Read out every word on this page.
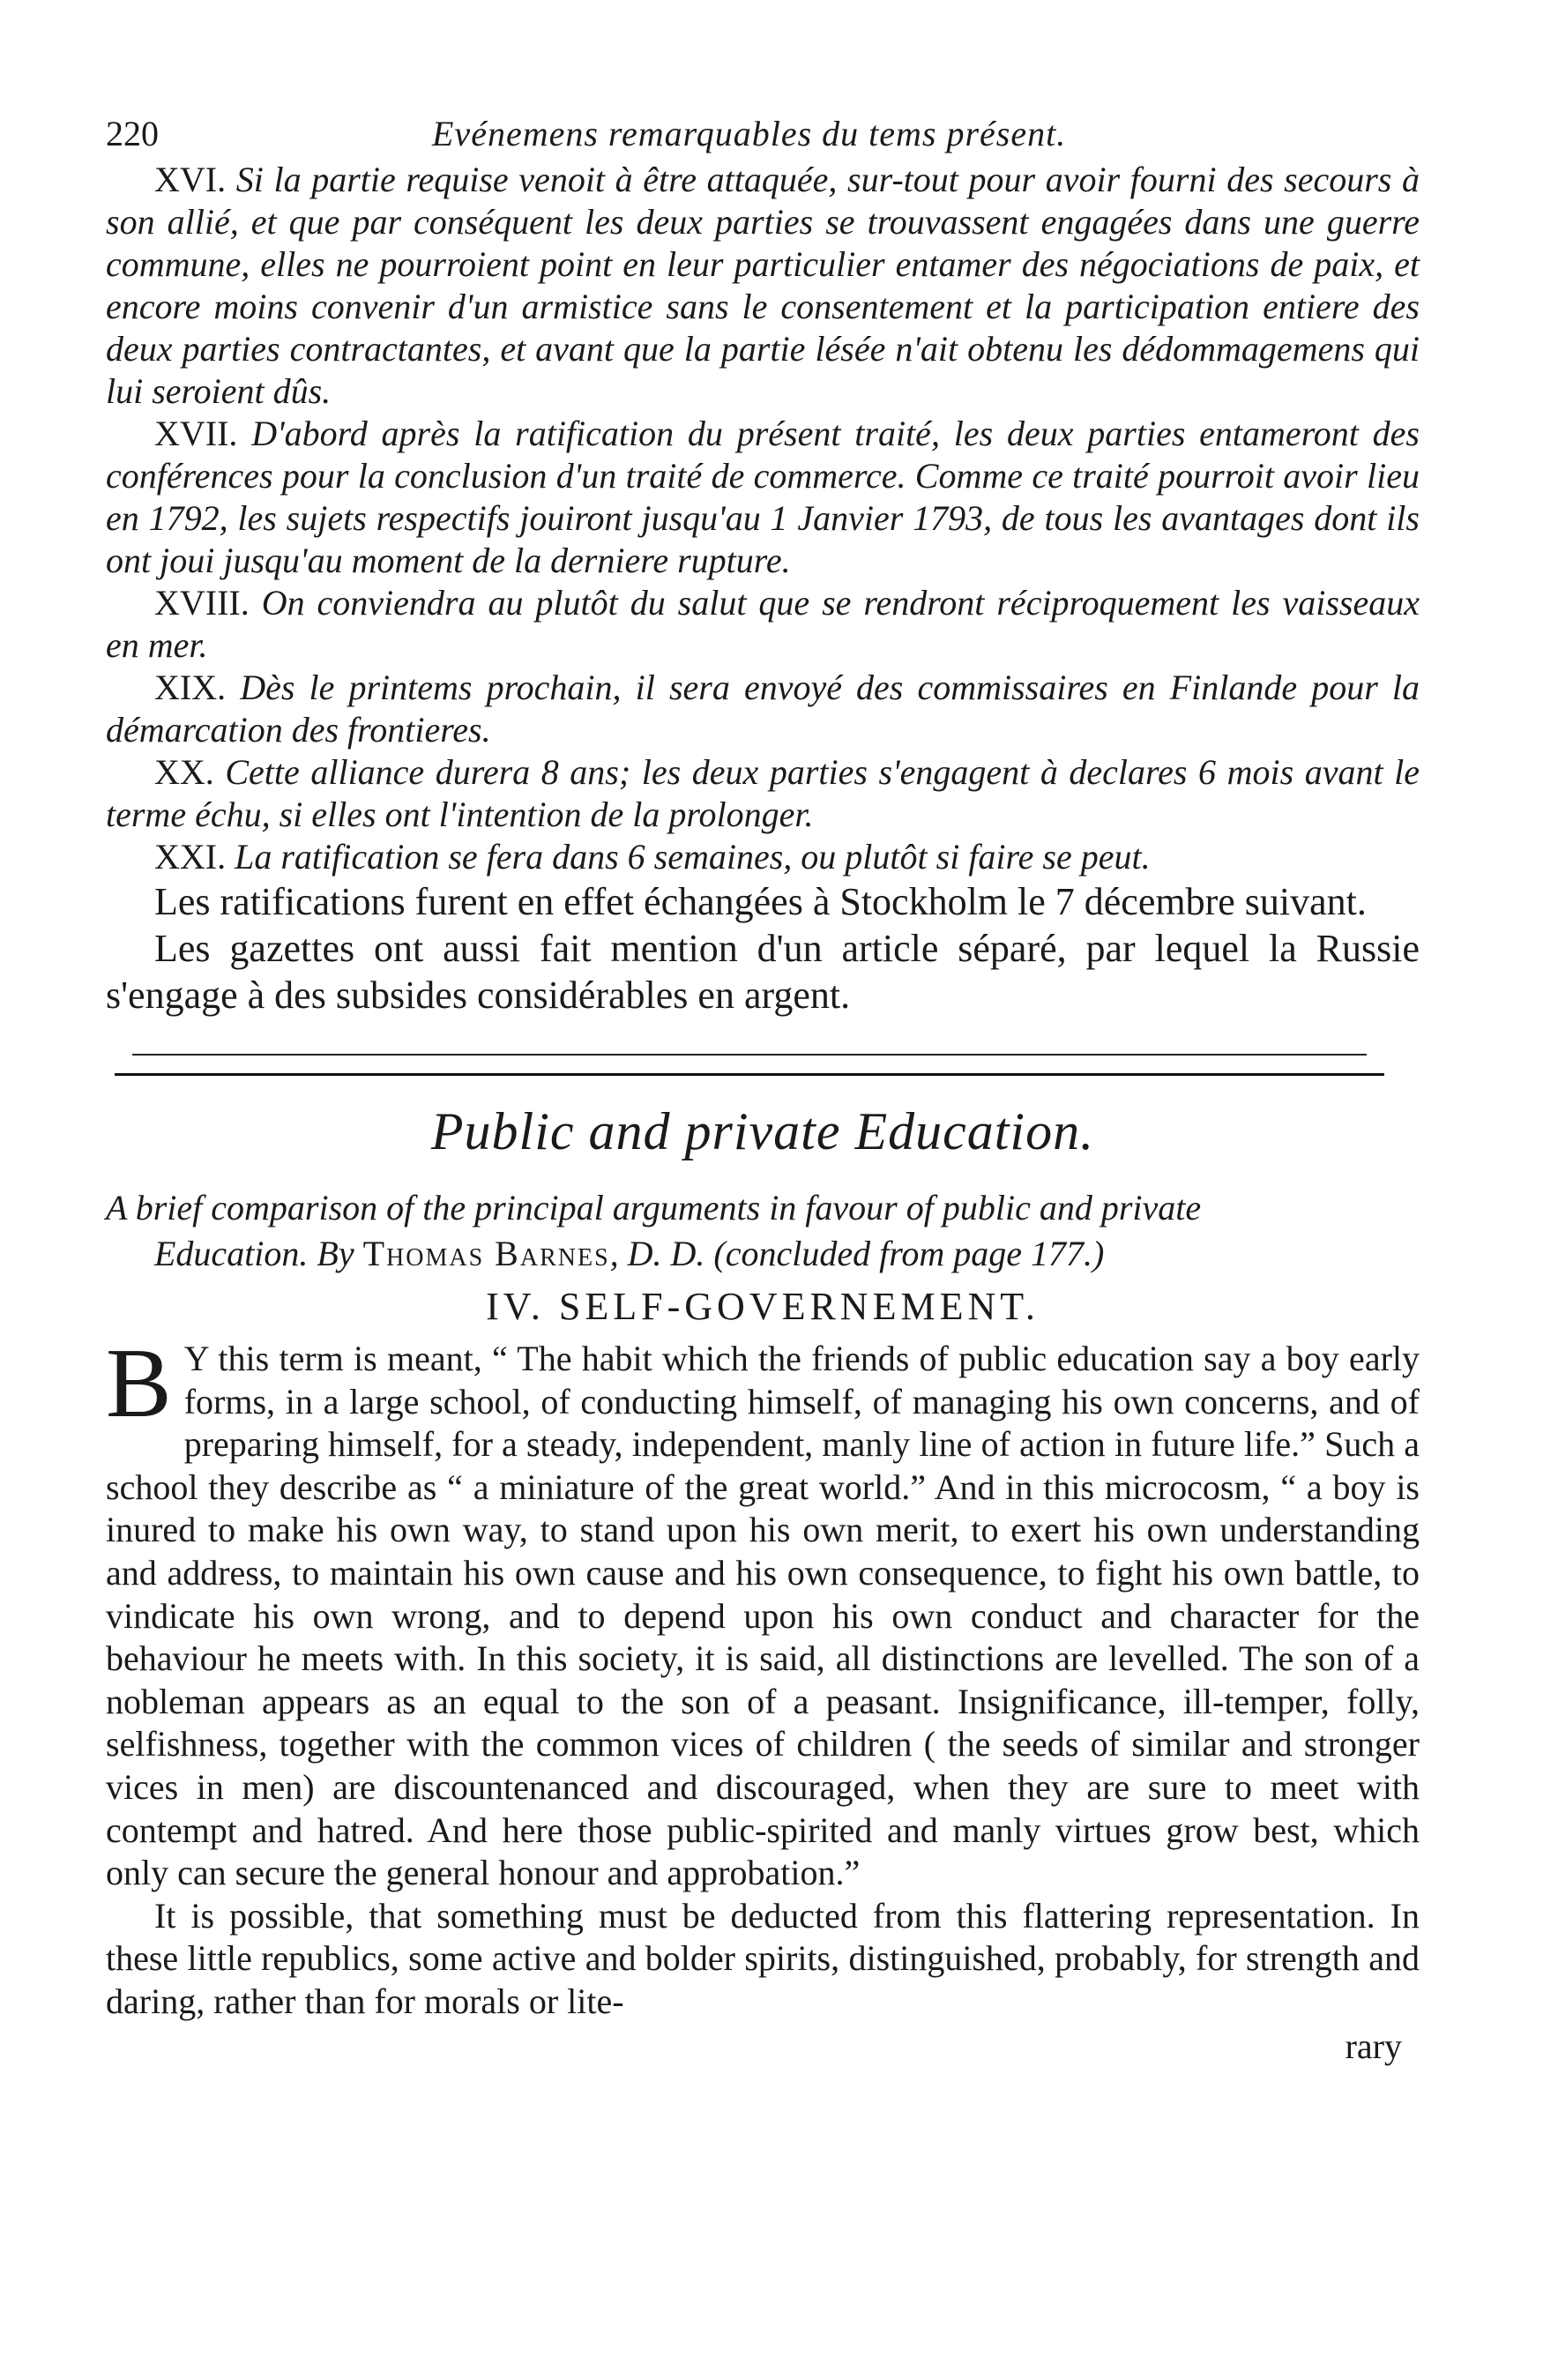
220	Evénemens remarquables du tems présent.

XVI. Si la partie requise venoit à être attaquée, sur-tout pour avoir fourni des secours à son allié, et que par conséquent les deux parties se trouvassent engagées dans une guerre commune, elles ne pourroient point en leur particulier entamer des négociations de paix, et encore moins convenir d'un armistice sans le consentement et la participation entiere des deux parties contractantes, et avant que la partie lésée n'ait obtenu les dédommagemens qui lui seroient dûs.

XVII. D'abord après la ratification du présent traité, les deux parties entameront des conférences pour la conclusion d'un traité de commerce. Comme ce traité pourroit avoir lieu en 1792, les sujets respectifs jouiront jusqu'au 1 Janvier 1793, de tous les avantages dont ils ont joui jusqu'au moment de la derniere rupture.

XVIII. On conviendra au plutôt du salut que se rendront réciproquement les vaisseaux en mer.

XIX. Dès le printems prochain, il sera envoyé des commissaires en Finlande pour la démarcation des frontieres.

XX. Cette alliance durera 8 ans; les deux parties s'engagent à declares 6 mois avant le terme échu, si elles ont l'intention de la prolonger.

XXI. La ratification se fera dans 6 semaines, ou plutôt si faire se peut.

Les ratifications furent en effet échangées à Stockholm le 7 décembre suivant.

Les gazettes ont aussi fait mention d'un article séparé, par lequel la Russie s'engage à des subsides considérables en argent.

Public and private Education.

A brief comparison of the principal arguments in favour of public and private

Education. By Thomas Barnes, D. D. (concluded from page 177.)

IV. SELF-GOVERNEMENT.

B Y this term is meant, “ The habit which the friends of public education say a boy early forms, in a large school, of conducting himself, of managing his own concerns, and of preparing himself, for a steady, independent, manly line of action in future life.” Such a school they describe as “ a miniature of the great world.” And in this microcosm, “ a boy is inured to make his own way, to stand upon his own merit, to exert his own understanding and address, to maintain his own cause and his own consequence, to fight his own battle, to vindicate his own wrong, and to depend upon his own conduct and character for the behaviour he meets with. In this society, it is said, all distinctions are levelled. The son of a nobleman appears as an equal to the son of a peasant. Insignificance, ill-temper, folly, selfishness, together with the common vices of children ( the seeds of similar and stronger vices in men) are discountenanced and discouraged, when they are sure to meet with contempt and hatred. And here those public-spirited and manly virtues grow best, which only can secure the general honour and approbation.”

It is possible, that something must be deducted from this flattering representation. In these little republics, some active and bolder spirits, distinguished, probably, for strength and daring, rather than for morals or lite-

rary
